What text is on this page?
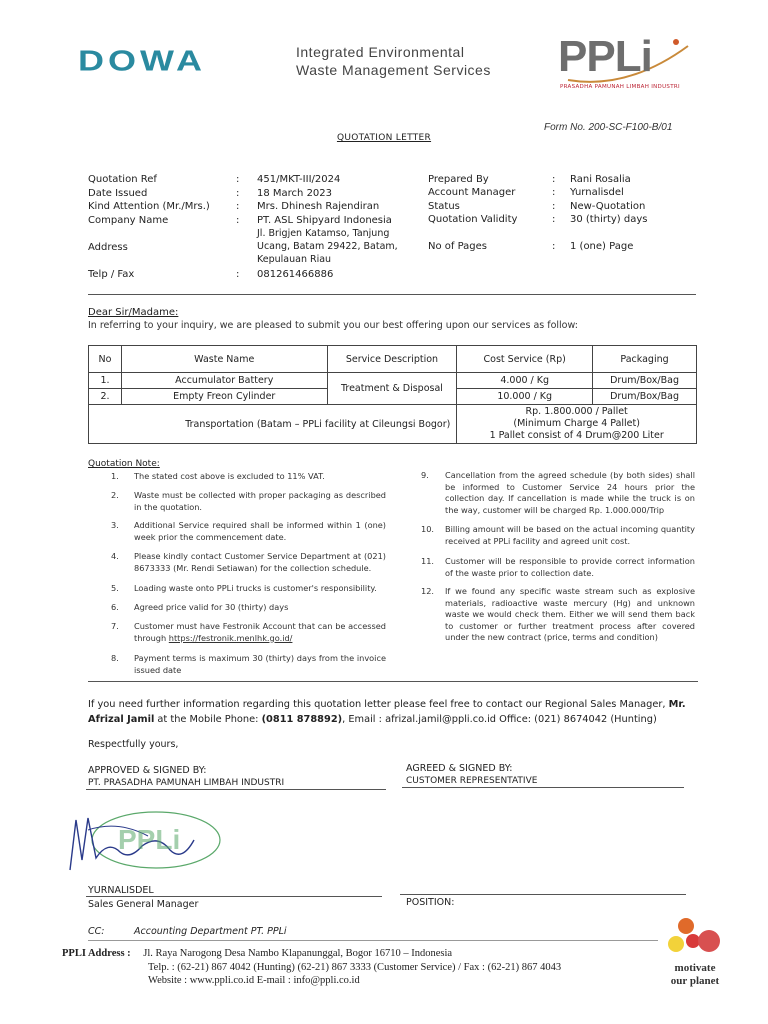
DOWA	Integrated Environmental
Waste Management Services PPLi
PRASADHA PAMUNAH LIMBAH INDUSTRI
Form No. 200-SC-F100-B/01
QUOTATION LETTER
Quotation Ref	: 451/MKT-III/2024
Date Issued	: 18 March 2023
Kind Attention (Mr./Mrs.)	: Mrs. Dhinesh Rajendiran
Company Name	: PT. ASL Shipyard Indonesia
Address
Jl. Brigjen Katamso, Tanjung Ucang, Batam 29422, Batam, Kepulauan Riau
Telp / Fax	: 081261466886
Prepared By	: Rani Rosalia
Account Manager	: Yurnalisdel
Status	: New-Quotation
Quotation Validity	: 30 (thirty) days
No of Pages	: 1 (one) Page
Dear Sir/Madame:
In referring to your inquiry, we are pleased to submit you our best offering upon our services as follow:
No	Waste Name	Service Description	Cost Service (Rp)	Packaging
1.	Accumulator Battery	Treatment & Disposal	4.000 / Kg	Drum/Box/Bag
2.	Empty Freon Cylinder		10.000 / Kg	Drum/Box/Bag
Transportation (Batam – PPLi facility at Cileungsi Bogor)			Rp. 1.800.000 / Pallet
(Minimum Charge 4 Pallet)
1 Pallet consist of 4 Drum@200 Liter	
Quotation Note:
1. The stated cost above is excluded to 11% VAT.
2. Waste must be collected with proper packaging as described in the quotation.
3. Additional Service required shall be informed within 1 (one) week prior the commencement date.
4. Please kindly contact Customer Service Department at (021) 8673333 (Mr. Rendi Setiawan) for the collection schedule.
5. Loading waste onto PPLi trucks is customer's responsibility.
6. Agreed price valid for 30 (thirty) days
7. Customer must have Festronik Account that can be accessed through https://festronik.menlhk.go.id/
8. Payment terms is maximum 30 (thirty) days from the invoice issued date
9. Cancellation from the agreed schedule (by both sides) shall be informed to Customer Service 24 hours prior the collection day. If cancellation is made while the truck is on the way, customer will be charged Rp. 1.000.000/Trip
10. Billing amount will be based on the actual incoming quantity received at PPLi facility and agreed unit cost.
11. Customer will be responsible to provide correct information of the waste prior to collection date.
12. If we found any specific waste stream such as explosive materials, radioactive waste mercury (Hg) and unknown waste we would check them. Either we will send them back to customer or further treatment process after covered under the new contract (price, terms and condition)
If you need further information regarding this quotation letter please feel free to contact our Regional Sales Manager, Mr. Afrizal Jamil at the Mobile Phone: (0811 878892), Email : afrizal.jamil@ppli.co.id Office: (021) 8674042 (Hunting)
Respectfully yours,
APPROVED & SIGNED BY:
PT. PRASADHA PAMUNAH LIMBAH INDUSTRI
AGREED & SIGNED BY:
CUSTOMER REPRESENTATIVE
PPLi
YURNALISDEL
Sales General Manager	POSITION:
CC:	Accounting Department PT. PPLi
PPLI Address : Jl. Raya Narogong Desa Nambo Klapanunggal, Bogor 16710 – Indonesia
Telp. : (62-21) 867 4042 (Hunting) (62-21) 867 3333 (Customer Service) / Fax : (62-21) 867 4043
Website : www.ppli.co.id E-mail : info@ppli.co.id
motivate
our planet
